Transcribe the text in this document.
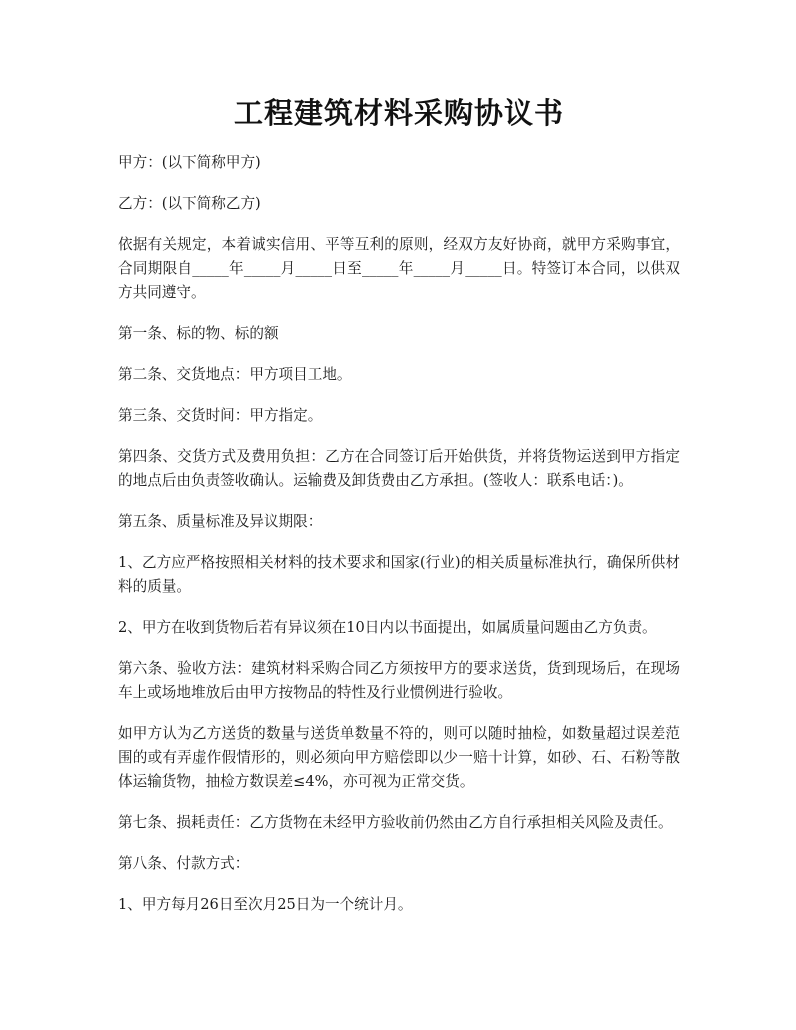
工程建筑材料采购协议书

甲方：(以下简称甲方)

乙方：(以下简称乙方)

依据有关规定，本着诚实信用、平等互利的原则，经双方友好协商，就甲方采购事宜，合同期限自_____年_____月_____日至_____年_____月_____日。特签订本合同，以供双方共同遵守。

第一条、标的物、标的额

第二条、交货地点：甲方项目工地。

第三条、交货时间：甲方指定。

第四条、交货方式及费用负担：乙方在合同签订后开始供货，并将货物运送到甲方指定的地点后由负责签收确认。运输费及卸货费由乙方承担。(签收人：联系电话：)。

第五条、质量标准及异议期限：

1、乙方应严格按照相关材料的技术要求和国家(行业)的相关质量标准执行，确保所供材料的质量。

2、甲方在收到货物后若有异议须在10日内以书面提出，如属质量问题由乙方负责。

第六条、验收方法：建筑材料采购合同乙方须按甲方的要求送货，货到现场后，在现场车上或场地堆放后由甲方按物品的特性及行业惯例进行验收。

如甲方认为乙方送货的数量与送货单数量不符的，则可以随时抽检，如数量超过误差范围的或有弄虚作假情形的，则必须向甲方赔偿即以少一赔十计算，如砂、石、石粉等散体运输货物，抽检方数误差≤4%，亦可视为正常交货。

第七条、损耗责任：乙方货物在未经甲方验收前仍然由乙方自行承担相关风险及责任。

第八条、付款方式：

1、甲方每月26日至次月25日为一个统计月。
